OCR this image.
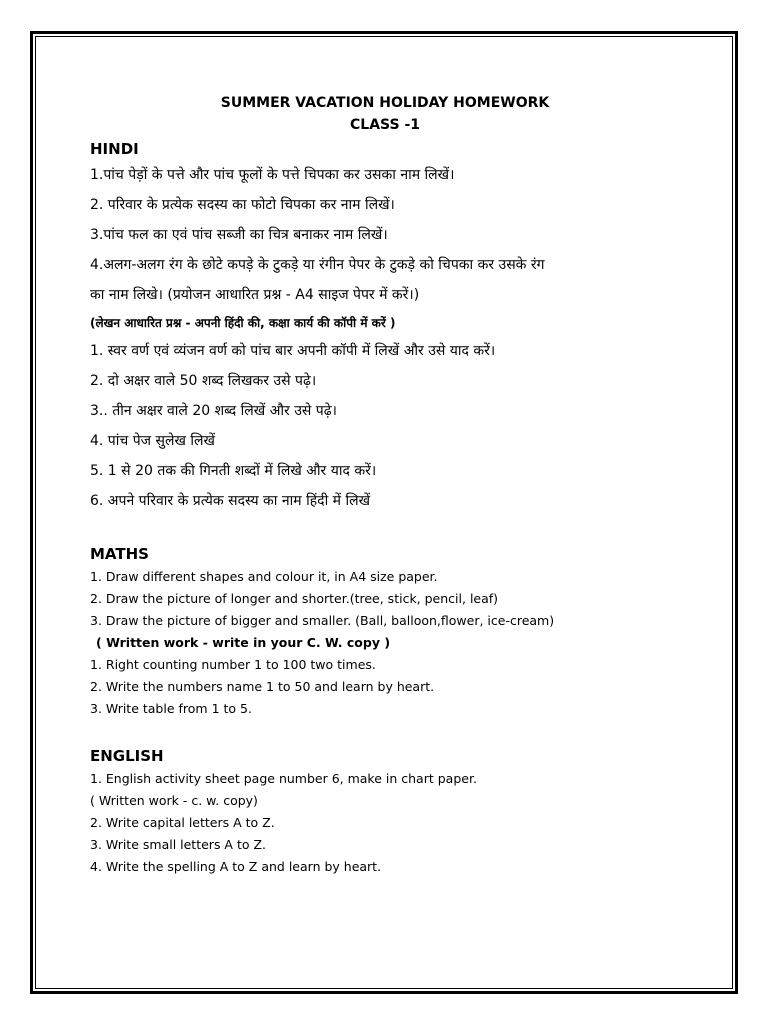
SUMMER VACATION HOLIDAY HOMEWORK

CLASS -1

HINDI

1.पांच पेड़ों के पत्ते और पांच फूलों के पत्ते चिपका कर उसका नाम लिखें।

2. परिवार के प्रत्येक सदस्य का फोटो चिपका कर नाम लिखें।

3.पांच फल का एवं पांच सब्जी का चित्र बनाकर नाम लिखें।

4.अलग-अलग रंग के छोटे कपड़े के टुकड़े या रंगीन पेपर के टुकड़े को चिपका कर उसके रंग

का नाम लिखे। (प्रयोजन आधारित प्रश्न - A4 साइज पेपर में करें।)

(लेखन आधारित प्रश्न - अपनी हिंदी की, कक्षा कार्य की कॉपी में करें )

1. स्वर वर्ण एवं व्यंजन वर्ण को पांच बार अपनी कॉपी में लिखें और उसे याद करें।

2. दो अक्षर वाले 50 शब्द लिखकर उसे पढ़े।

3.. तीन अक्षर वाले 20 शब्द लिखें और उसे पढ़े।

4. पांच पेज सुलेख लिखें

5. 1 से 20 तक की गिनती शब्दों में लिखे और याद करें।

6. अपने परिवार के प्रत्येक सदस्य का नाम हिंदी में लिखें

MATHS

1. Draw different shapes and colour it, in A4 size paper.

2. Draw the picture of longer and shorter.(tree, stick, pencil, leaf)

3. Draw the picture of bigger and smaller. (Ball, balloon,flower, ice-cream)

( Written work - write in your C. W. copy )

1. Right counting number 1 to 100 two times.

2. Write the numbers name 1 to 50 and learn by heart.

3. Write table from 1 to 5.

ENGLISH

1. English activity sheet page number 6, make in chart paper.

( Written work - c. w. copy)

2. Write capital letters A to Z.

3. Write small letters A to Z.

4. Write the spelling A to Z and learn by heart.
